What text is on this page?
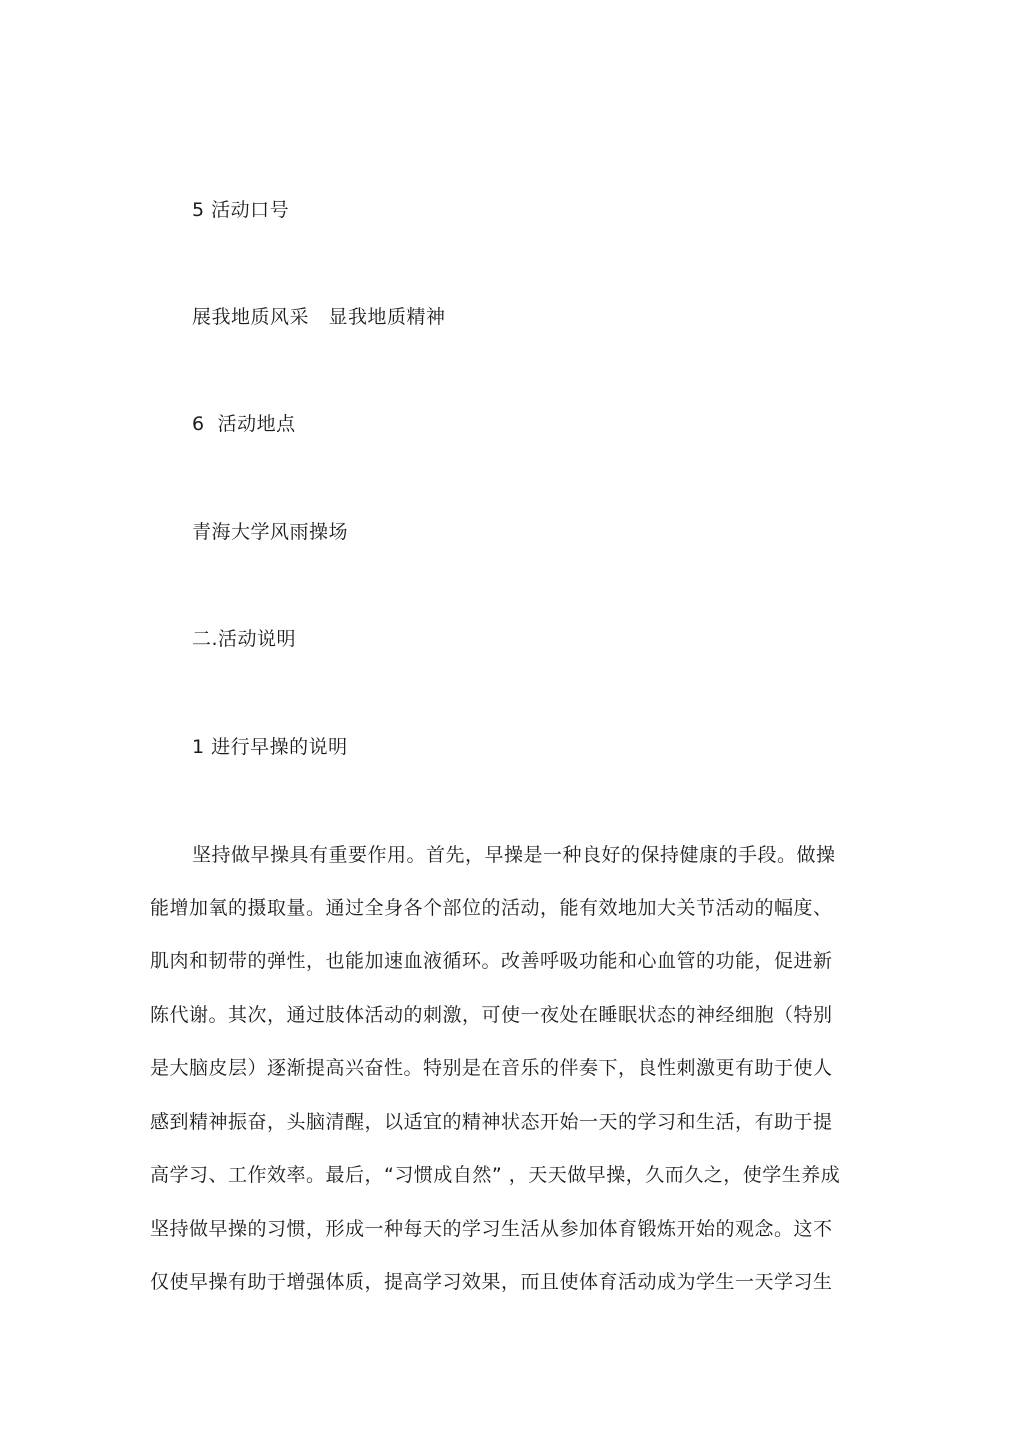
5 活动口号
展我地质风采　显我地质精神
6  活动地点
青海大学风雨操场
二.活动说明
1 进行早操的说明
坚持做早操具有重要作用。首先，早操是一种良好的保持健康的手段。做操
能增加氧的摄取量。通过全身各个部位的活动，能有效地加大关节活动的幅度、
肌肉和韧带的弹性，也能加速血液循环。改善呼吸功能和心血管的功能，促进新
陈代谢。其次，通过肢体活动的刺激，可使一夜处在睡眠状态的神经细胞（特别
是大脑皮层）逐渐提高兴奋性。特别是在音乐的伴奏下，良性刺激更有助于使人
感到精神振奋，头脑清醒，以适宜的精神状态开始一天的学习和生活，有助于提
高学习、工作效率。最后，“习惯成自然” ，天天做早操，久而久之，使学生养成
坚持做早操的习惯，形成一种每天的学习生活从参加体育锻炼开始的观念。这不
仅使早操有助于增强体质，提高学习效果，而且使体育活动成为学生一天学习生
